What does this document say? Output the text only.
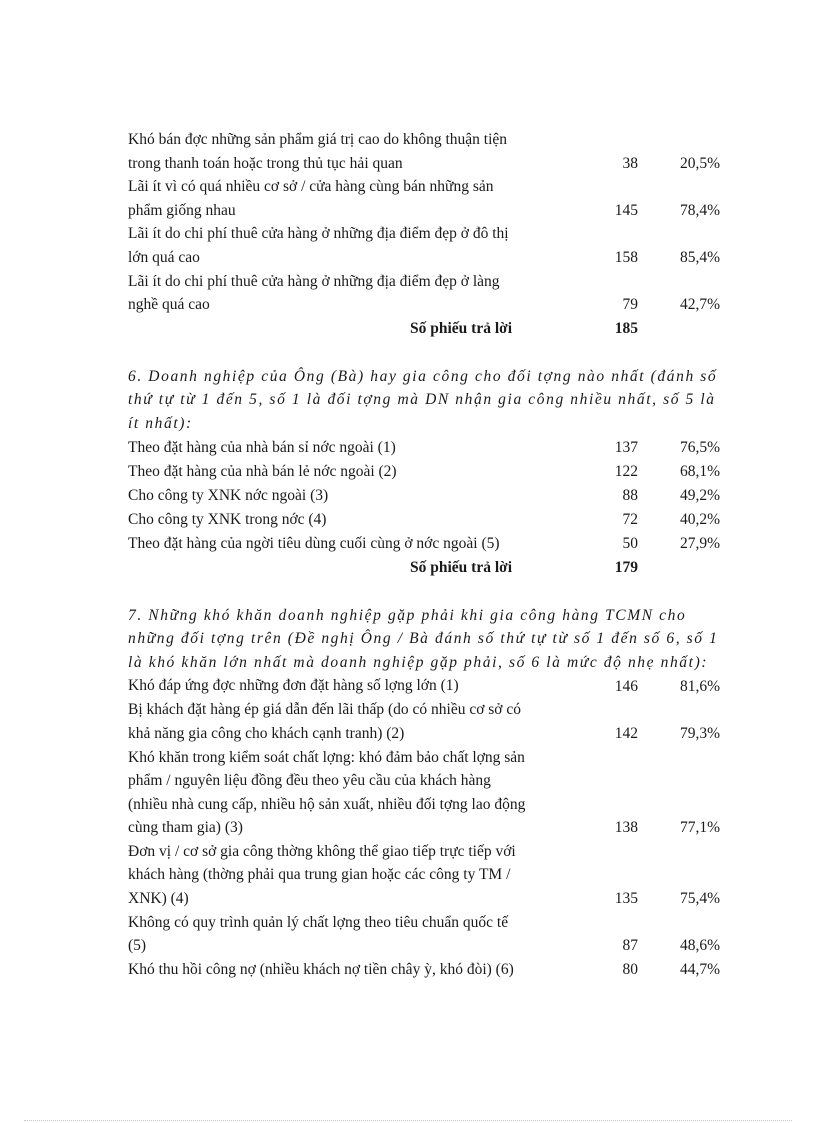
Khó bán đợc những sản phẩm giá trị cao do không thuận tiện trong thanh toán hoặc trong thủ tục hải quan	38	20,5%
Lãi ít vì có quá nhiều cơ sở / cửa hàng cùng bán những sản phẩm giống nhau	145	78,4%
Lãi ít do chi phí thuê cửa hàng ở những địa điểm đẹp ở đô thị lớn quá cao	158	85,4%
Lãi ít do chi phí thuê cửa hàng ở những địa điểm đẹp ở làng nghề quá cao	79	42,7%
Số phiếu trả lời	185
6. Doanh nghiệp của Ông (Bà) hay gia công cho đối tợng nào nhất (đánh số thứ tự từ 1 đến 5, số 1 là đối tợng mà DN nhận gia công nhiều nhất, số 5 là ít nhất):
Theo đặt hàng của nhà bán sỉ nớc ngoài (1)	137	76,5%
Theo đặt hàng của nhà bán lẻ nớc ngoài (2)	122	68,1%
Cho công ty XNK nớc ngoài (3)	88	49,2%
Cho công ty XNK trong nớc (4)	72	40,2%
Theo đặt hàng của ngời tiêu dùng cuối cùng ở nớc ngoài (5)	50	27,9%
Số phiếu trả lời	179
7. Những khó khăn doanh nghiệp gặp phải khi gia công hàng TCMN cho những đối tợng trên (Đề nghị Ông / Bà đánh số thứ tự từ số 1 đến số 6, số 1 là khó khăn lớn nhất mà doanh nghiệp gặp phải, số 6 là mức độ nhẹ nhất):
Khó đáp ứng đợc những đơn đặt hàng số lợng lớn (1)	146	81,6%
Bị khách đặt hàng ép giá dẫn đến lãi thấp (do có nhiều cơ sở có khả năng gia công cho khách cạnh tranh) (2)	142	79,3%
Khó khăn trong kiểm soát chất lợng: khó đảm bảo chất lợng sản phẩm / nguyên liệu đồng đều theo yêu cầu của khách hàng (nhiều nhà cung cấp, nhiều hộ sản xuất, nhiều đối tợng lao động cùng tham gia) (3)	138	77,1%
Đơn vị / cơ sở gia công thờng không thể giao tiếp trực tiếp với khách hàng (thờng phải qua trung gian hoặc các công ty TM / XNK) (4)	135	75,4%
Không có quy trình quản lý chất lợng theo tiêu chuẩn quốc tế (5)	87	48,6%
Khó thu hồi công nợ (nhiều khách nợ tiền chây ỳ, khó đòi) (6)	80	44,7%
